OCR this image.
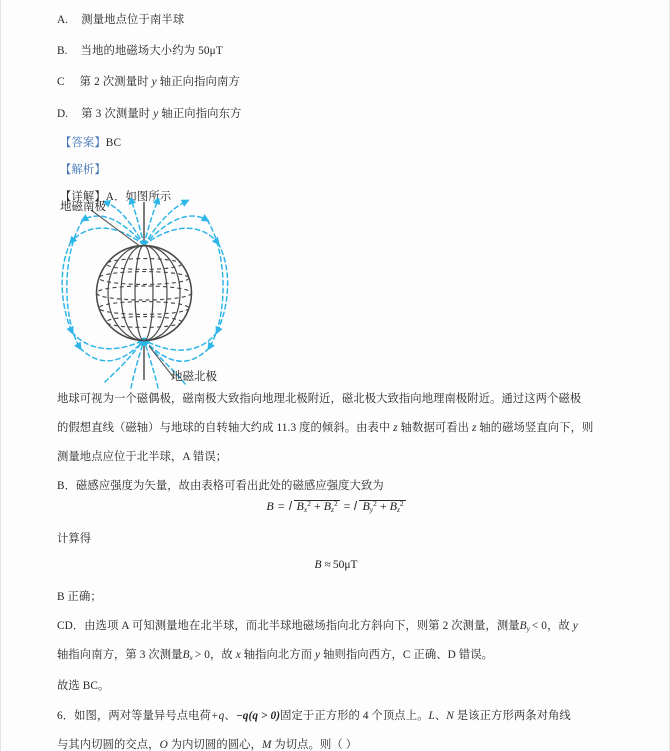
A. 测量地点位于南半球
B. 当地的地磁场大小约为 50μT
C 第 2 次测量时 y 轴正向指向南方
D. 第 3 次测量时 y 轴正向指向东方
【答案】BC
【解析】
【详解】A．如图所示
地磁南极
地磁北极
地球可视为一个磁偶极，磁南极大致指向地理北极附近，磁北极大致指向地理南极附近。通过这两个磁极
的假想直线（磁轴）与地球的自转轴大约成 11.3 度的倾斜。由表中 z 轴数据可看出 z 轴的磁场竖直向下，则
测量地点应位于北半球，A 错误；
B．磁感应强度为矢量，故由表格可看出此处的磁感应强度大致为
$B = B_x^2 + B_z^2 = B_y^2 + B_z^2$
计算得
B ≈ 50μT
B 正确；
CD．由选项 A 可知测量地在北半球，而北半球地磁场指向北方斜向下，则第 2 次测量，测量$B_y < 0$，故 y
轴指向南方，第 3 次测量$B_x > 0$，故 x 轴指向北方而 y 轴则指向西方，C 正确、D 错误。
故选 BC。
6．如图，两对等量异号点电荷+q、−q(q > 0)固定于正方形的 4 个顶点上。L、N 是该正方形两条对角线
与其内切圆的交点，O 为内切圆的圆心，M 为切点。则（ ）
